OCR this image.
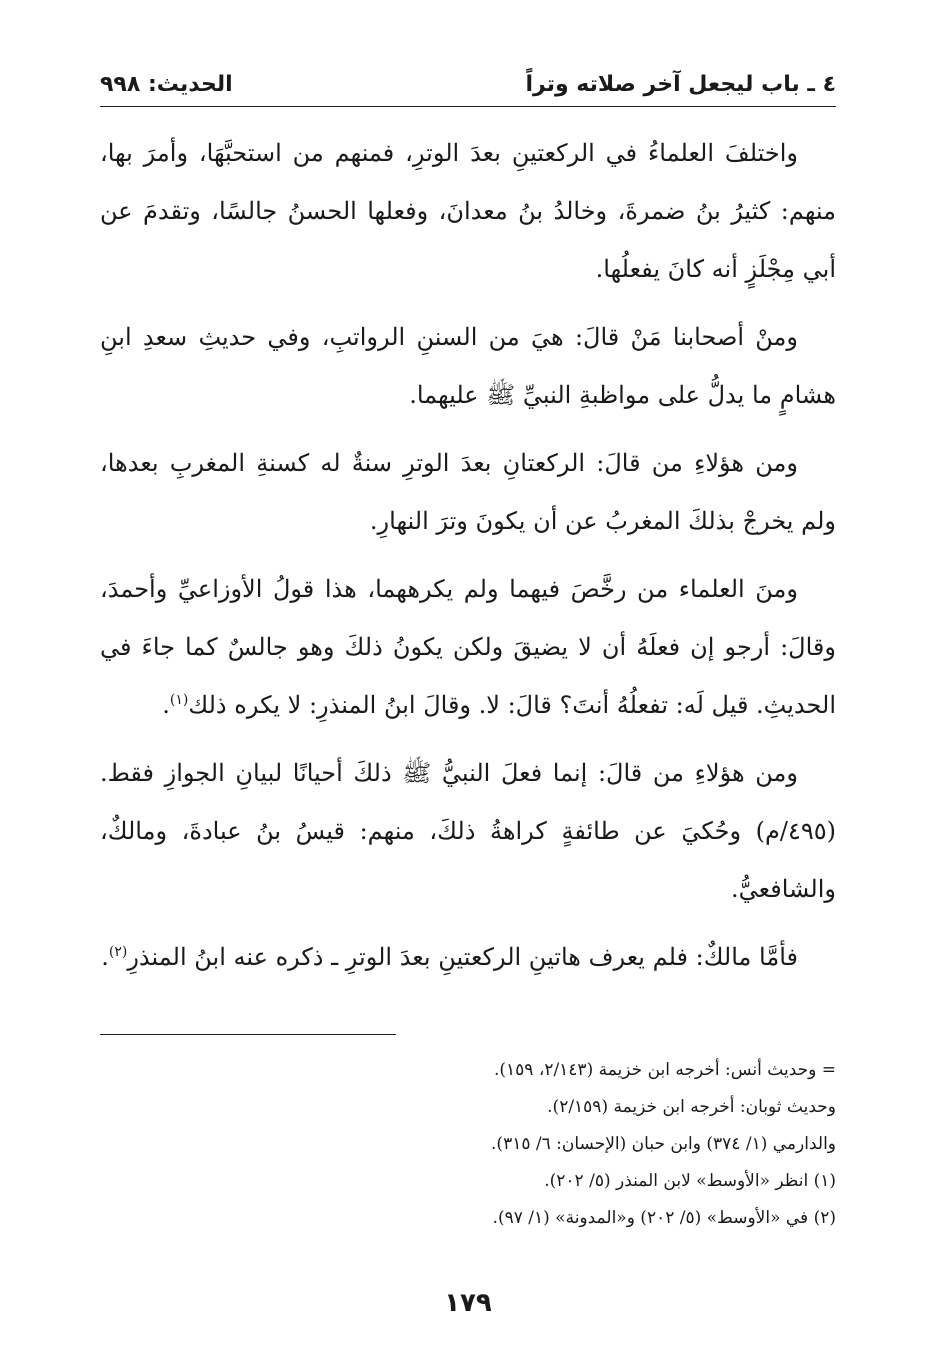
٤ ـ باب ليجعل آخر صلاته وتراً
الحديث: ٩٩٨

واختلفَ العلماءُ في الركعتينِ بعدَ الوترِ، فمنهم من استحبَّهَا، وأمرَ بها، منهم: كثيرُ بنُ ضمرةَ، وخالدُ بنُ معدانَ، وفعلها الحسنُ جالسًا، وتقدمَ عن أبي مِجْلَزٍ أنه كانَ يفعلُها.

ومنْ أصحابنا مَنْ قالَ: هيَ من السننِ الرواتبِ، وفي حديثِ سعدِ ابنِ هشامٍ ما يدلُّ على مواظبةِ النبيِّ ﷺ عليهما.

ومن هؤلاءِ من قالَ: الركعتانِ بعدَ الوترِ سنةٌ له كسنةِ المغربِ بعدها، ولم يخرجْ بذلكَ المغربُ عن أن يكونَ وترَ النهارِ.

ومنَ العلماء من رخَّصَ فيهما ولم يكرههما، هذا قولُ الأوزاعيِّ وأحمدَ، وقالَ: أرجو إن فعلَهُ أن لا يضيقَ ولكن يكونُ ذلكَ وهو جالسٌ كما جاءَ في الحديثِ. قيل لَه: تفعلُهُ أنتَ؟ قالَ: لا. وقالَ ابنُ المنذرِ: لا يكره ذلك$^{(١)}$.

ومن هؤلاءِ من قالَ: إنما فعلَ النبيُّ ﷺ ذلكَ أحيانًا لبيانِ الجوازِ فقط. (٤٩٥/م) وحُكيَ عن طائفةٍ كراهةُ ذلكَ، منهم: قيسُ بنُ عبادةَ، ومالكٌ، والشافعيُّ.

فأمَّا مالكٌ: فلم يعرف هاتينِ الركعتينِ بعدَ الوترِ ـ ذكره عنه ابنُ المنذرِ$^{(٢)}$.

= وحديث أنس: أخرجه ابن خزيمة (٢/١٤٣، ١٥٩).

وحديث ثوبان: أخرجه ابن خزيمة (٢/١٥٩).

والدارمي (١/ ٣٧٤) وابن حبان (الإحسان: ٦/ ٣١٥).

(١) انظر «الأوسط» لابن المنذر (٥/ ٢٠٢).

(٢) في «الأوسط» (٥/ ٢٠٢) و«المدونة» (١/ ٩٧).

١٧٩
